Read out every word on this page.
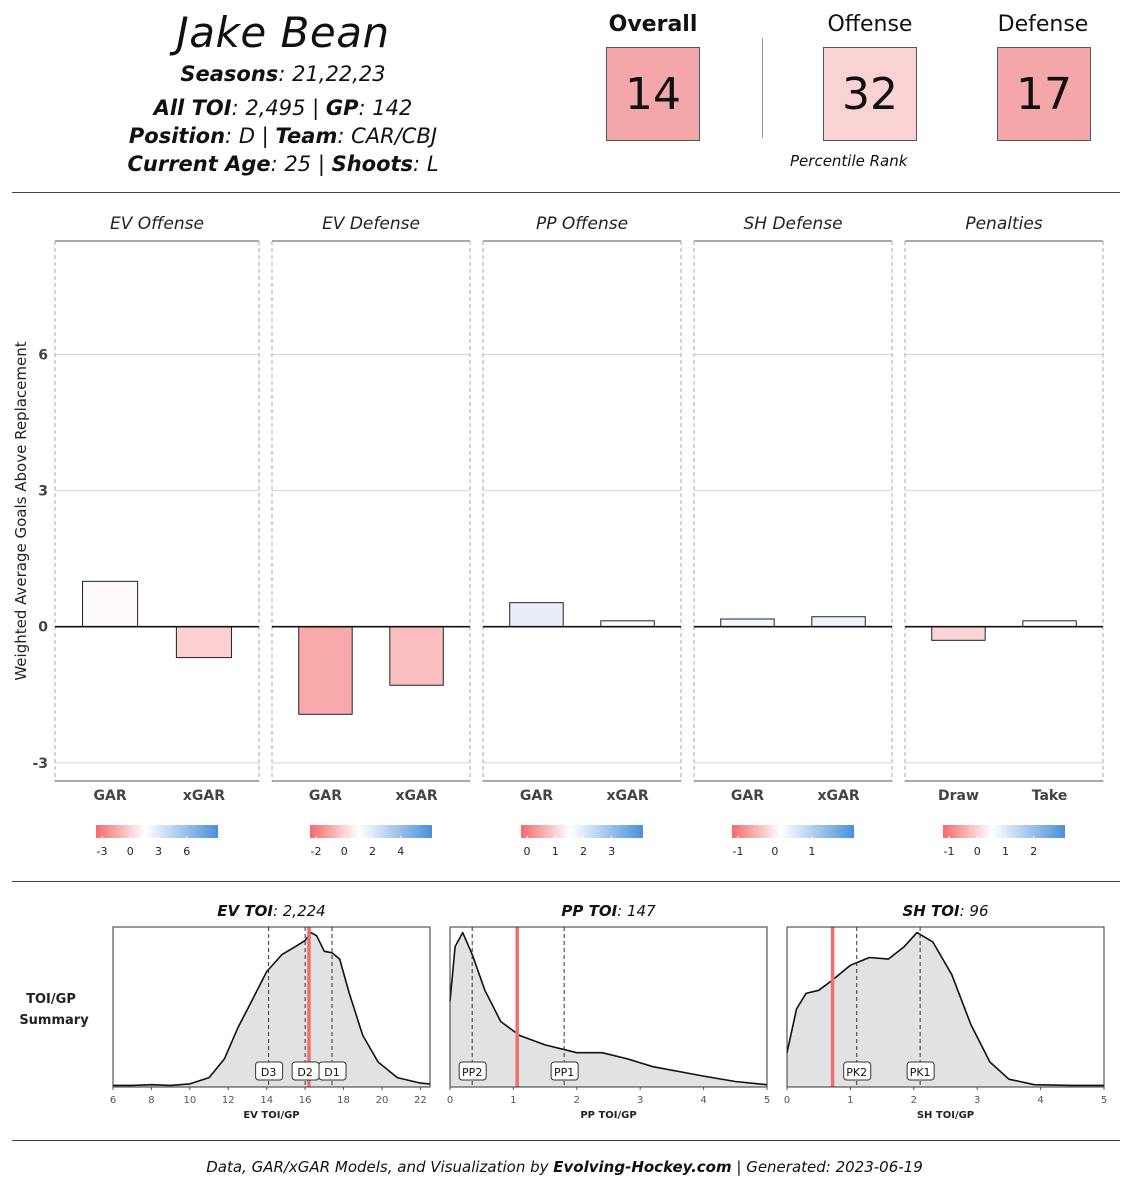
Jake Bean
Seasons: 21,22,23
All TOI: 2,495 | GP: 142
Position: D | Team: CAR/CBJ
Current Age: 25 | Shoots: L
Overall
14
Offense
32
Defense
17
Percentile Rank
Weighted Average Goals Above Replacement
-3
0
3
6
EV Offense
GAR	xGAR
-3 0 3 6
EV Defense
GAR	xGAR
-2 0 2 4
PP Offense
GAR	xGAR
0 1 2 3
SH Defense
GAR	xGAR
-1	0	1
Penalties
Draw	Take
-1 0 1 2
TOI/GP
Summary
EV TOI: 2,224
D3 D2 D1
6	8	10	12	14	16	18	20	22
EV TOI/GP
PP TOI: 147
PP2	PP1
0	1	2	3	4	5
PP TOI/GP
SH TOI: 96
PK2	PK1
0	1	2	3	4	5
SH TOI/GP
Data, GAR/xGAR Models, and Visualization by Evolving-Hockey.com | Generated: 2023-06-19
